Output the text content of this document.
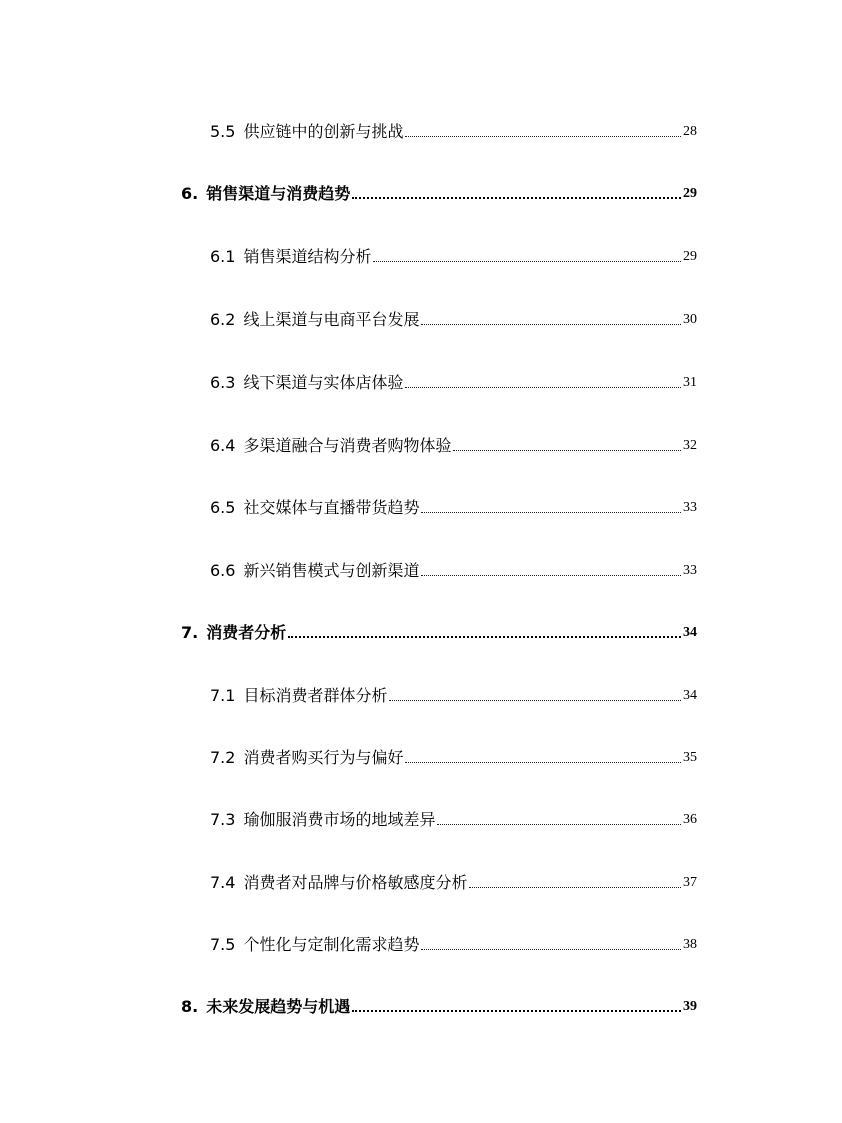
5.5 供应链中的创新与挑战	28
6. 销售渠道与消费趋势	29
6.1 销售渠道结构分析	29
6.2 线上渠道与电商平台发展	30
6.3 线下渠道与实体店体验	31
6.4 多渠道融合与消费者购物体验	32
6.5 社交媒体与直播带货趋势	33
6.6 新兴销售模式与创新渠道	33
7. 消费者分析	34
7.1 目标消费者群体分析	34
7.2 消费者购买行为与偏好	35
7.3 瑜伽服消费市场的地域差异	36
7.4 消费者对品牌与价格敏感度分析	37
7.5 个性化与定制化需求趋势	38
8. 未来发展趋势与机遇	39
